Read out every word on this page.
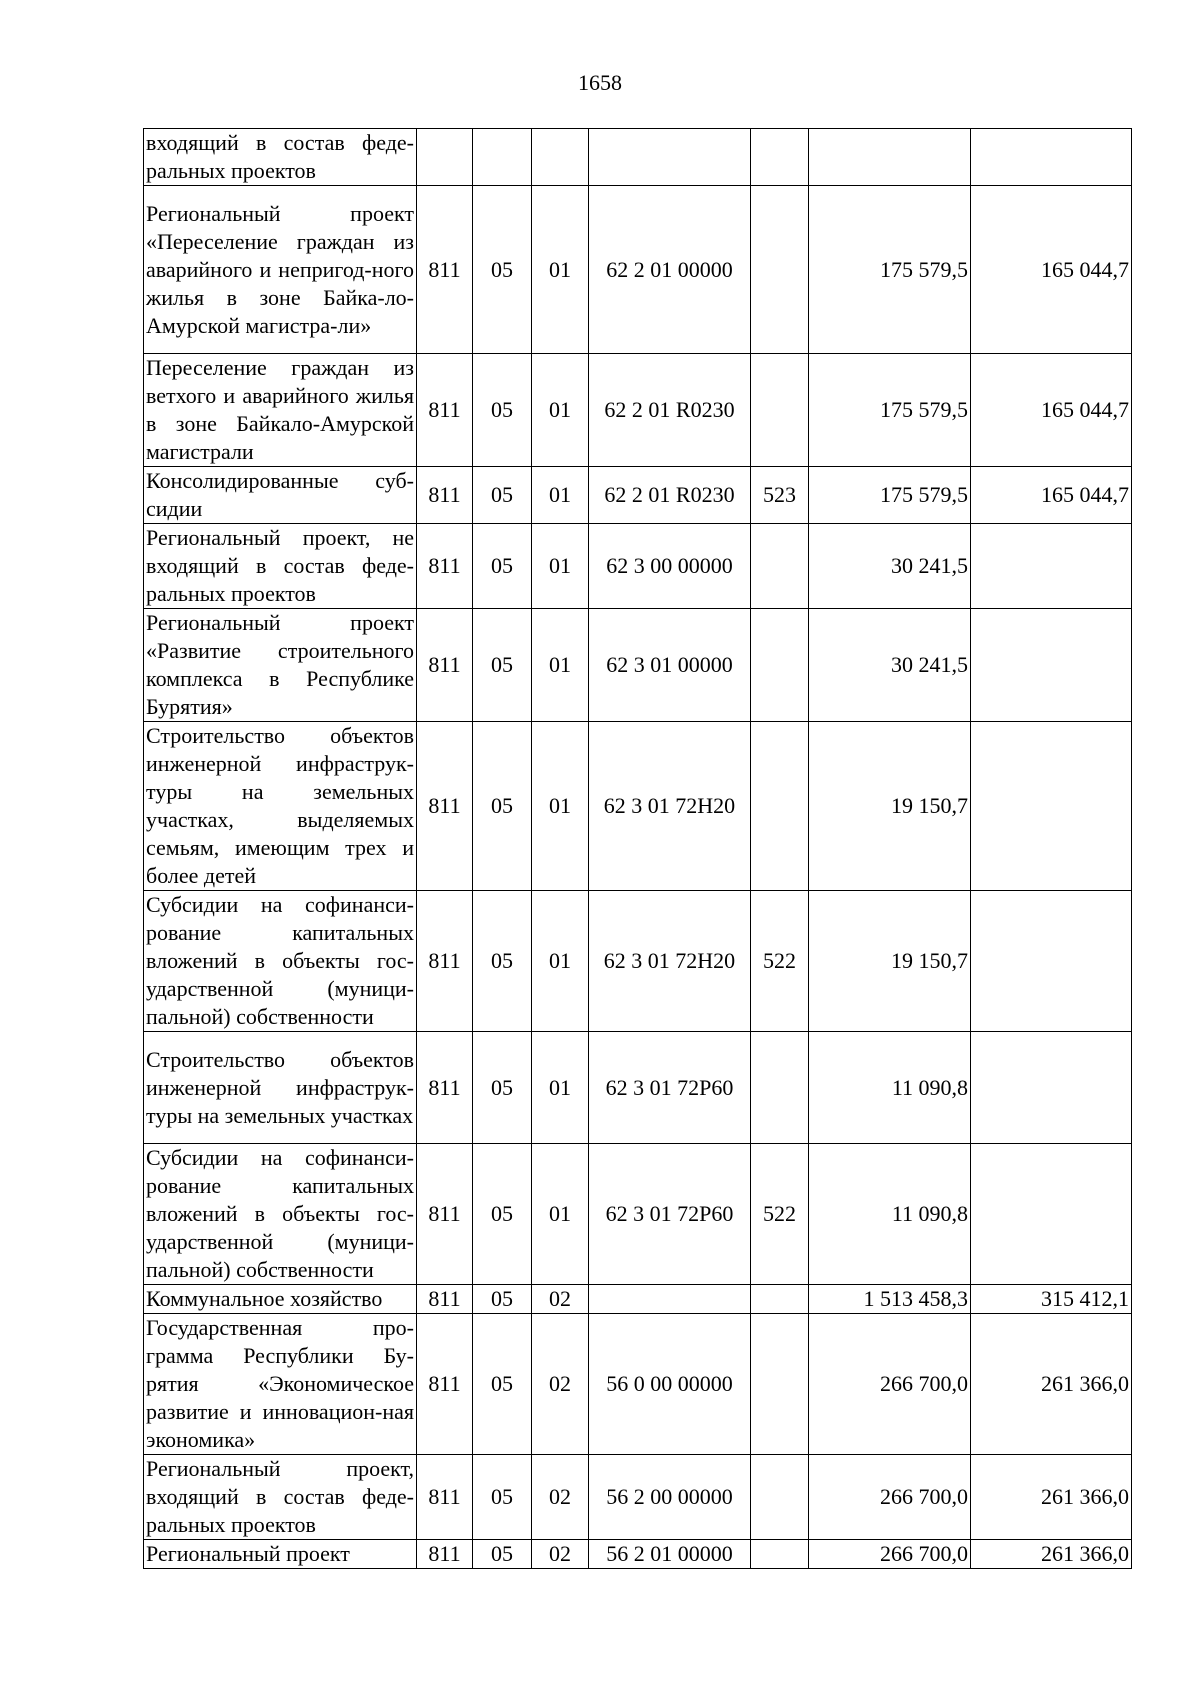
1658
входящий в состав феде-ральных проектов							
Региональный проект «Переселение граждан из аварийного и непригод-ного жилья в зоне Байка-ло-Амурской магистра-ли»	811	05	01	62 2 01 00000		175 579,5	165 044,7
Переселение граждан из ветхого и аварийного жилья в зоне Байкало-Амурской магистрали	811	05	01	62 2 01 R0230		175 579,5	165 044,7
Консолидированные суб-сидии	811	05	01	62 2 01 R0230	523	175 579,5	165 044,7
Региональный проект, не входящий в состав феде-ральных проектов	811	05	01	62 3 00 00000		30 241,5	
Региональный проект «Развитие строительного комплекса в Республике Бурятия»	811	05	01	62 3 01 00000		30 241,5	
Строительство объектов инженерной инфраструк-туры на земельных участках, выделяемых семьям, имеющим трех и более детей	811	05	01	62 3 01 72Н20		19 150,7	
Субсидии на софинанси-рование капитальных вложений в объекты гос-ударственной (муници-пальной) собственности	811	05	01	62 3 01 72Н20	522	19 150,7	
Строительство объектов инженерной инфраструк-туры на земельных участках	811	05	01	62 3 01 72Р60		11 090,8	
Субсидии на софинанси-рование капитальных вложений в объекты гос-ударственной (муници-пальной) собственности	811	05	01	62 3 01 72Р60	522	11 090,8	
Коммунальное хозяйство	811	05	02			1 513 458,3	315 412,1
Государственная про-грамма Республики Бу-рятия «Экономическое развитие и инновацион-ная экономика»	811	05	02	56 0 00 00000		266 700,0	261 366,0
Региональный проект, входящий в состав феде-ральных проектов	811	05	02	56 2 00 00000		266 700,0	261 366,0
Региональный проект	811	05	02	56 2 01 00000		266 700,0	261 366,0
